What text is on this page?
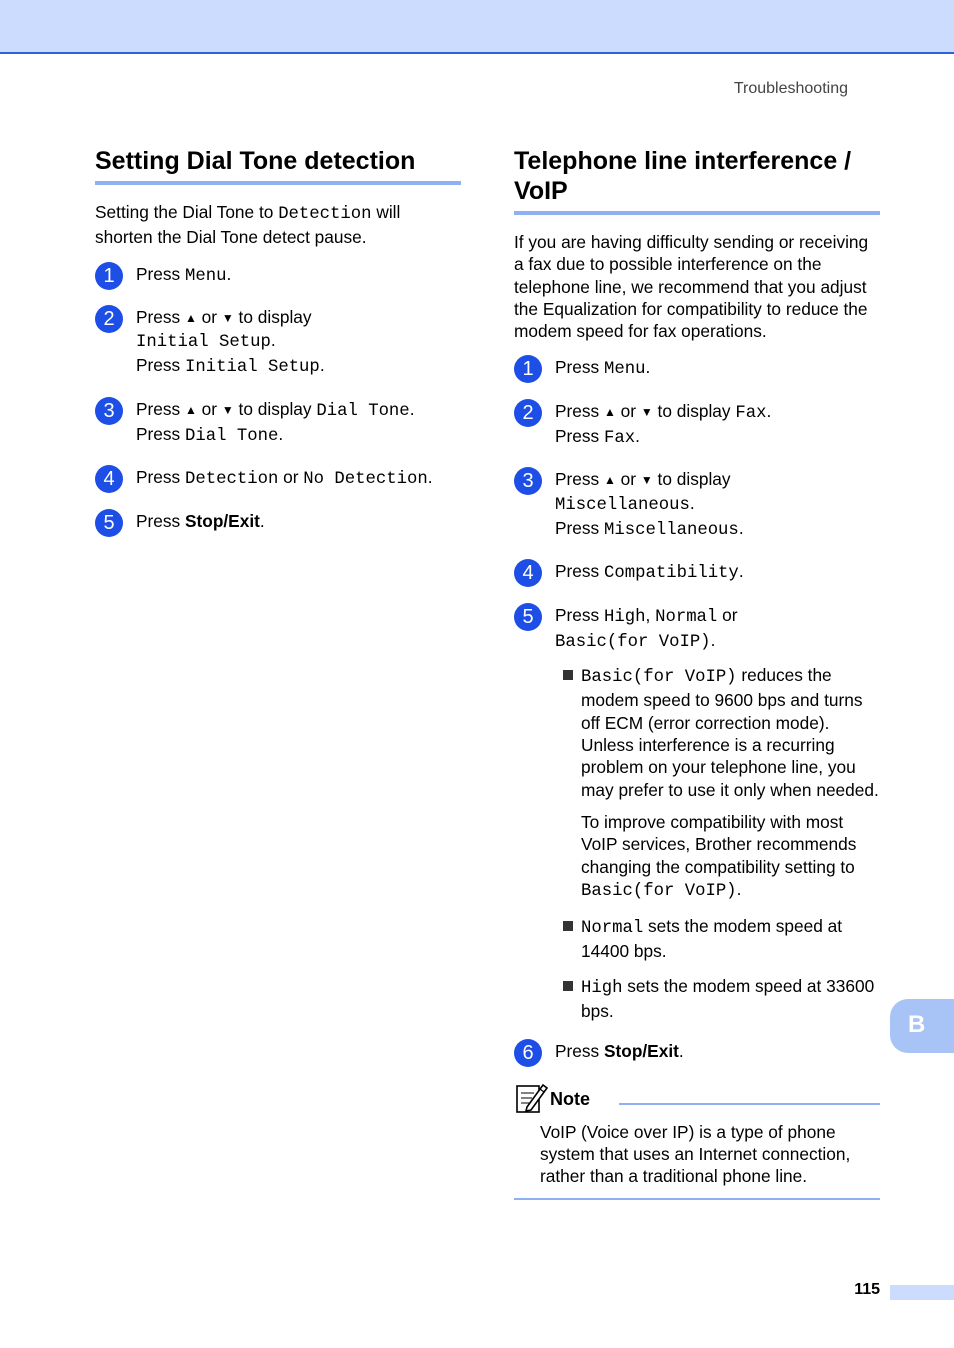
Troubleshooting
Setting Dial Tone detection

Setting the Dial Tone to Detection will shorten the Dial Tone detect pause.

1	Press Menu.
2	Press ▲ or ▼ to display
Initial Setup.
Press Initial Setup.
3	Press ▲ or ▼ to display Dial Tone.
Press Dial Tone.
4	Press Detection or No Detection.
5	Press Stop/Exit.
Telephone line interference / VoIP

If you are having difficulty sending or receiving a fax due to possible interference on the telephone line, we recommend that you adjust the Equalization for compatibility to reduce the modem speed for fax operations.

1	Press Menu.
2	Press ▲ or ▼ to display Fax.
Press Fax.
3	Press ▲ or ▼ to display
Miscellaneous.
Press Miscellaneous.
4	Press Compatibility.
5	Press High, Normal or
Basic(for VoIP).

Basic(for VoIP) reduces the modem speed to 9600 bps and turns off ECM (error correction mode). Unless interference is a recurring problem on your telephone line, you may prefer to use it only when needed.

To improve compatibility with most VoIP services, Brother recommends changing the compatibility setting to Basic(for VoIP).

Normal sets the modem speed at 14400 bps.

High sets the modem speed at 33600 bps.

6	Press Stop/Exit.
Note

VoIP (Voice over IP) is a type of phone system that uses an Internet connection, rather than a traditional phone line.

B
115
